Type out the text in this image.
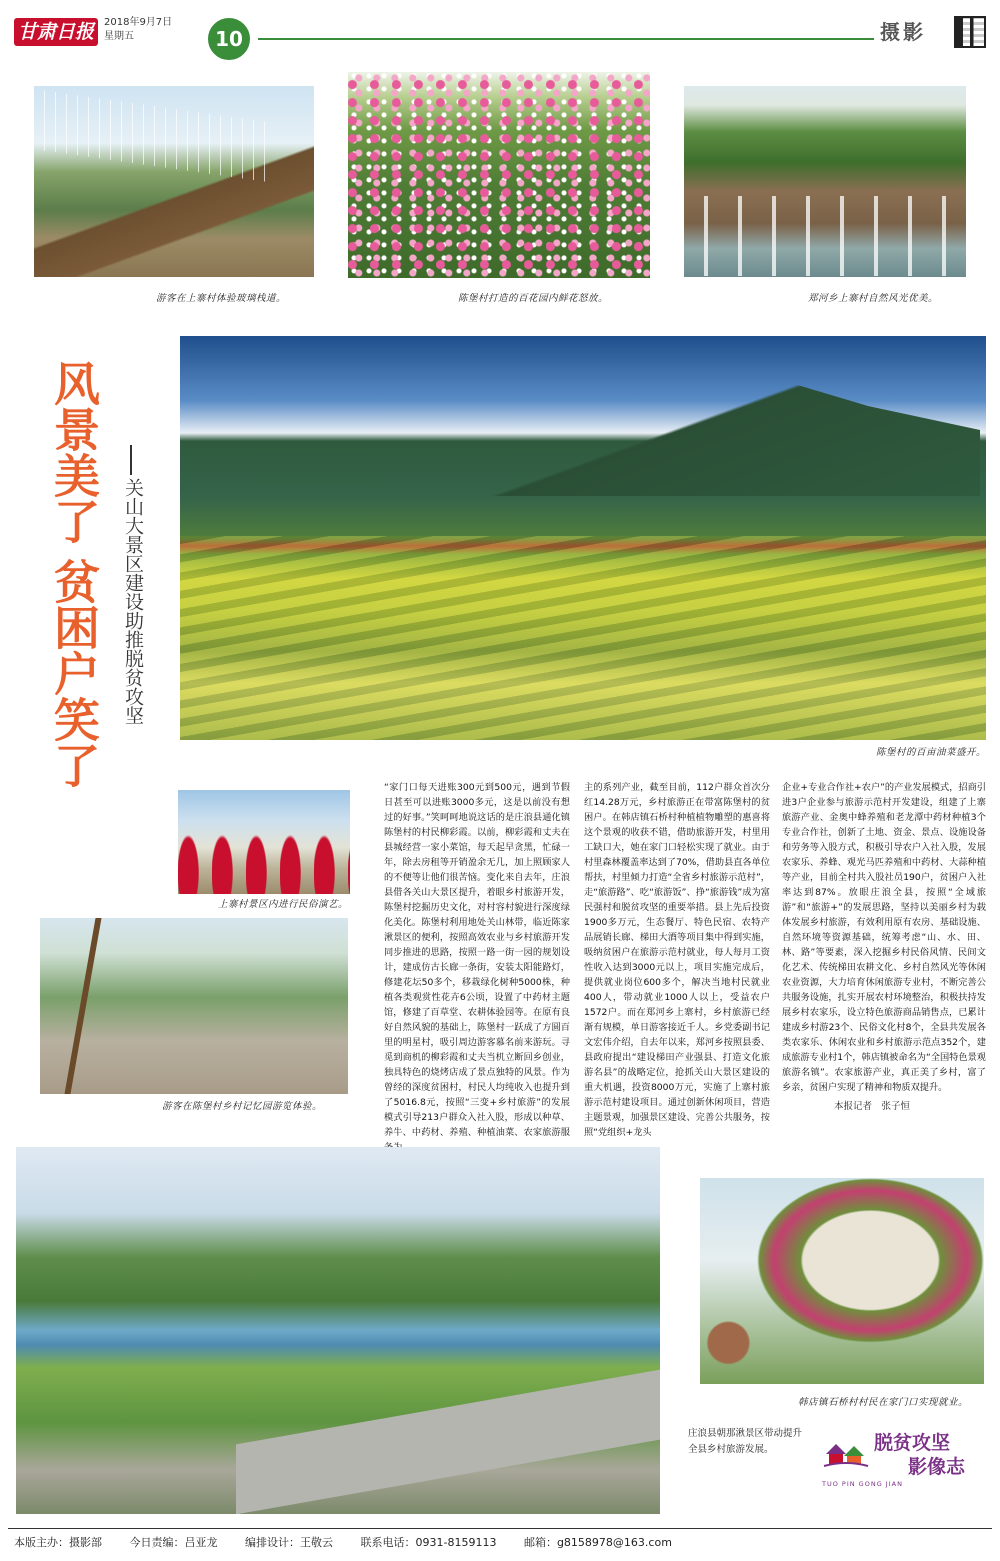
甘肃日报	2018年9月7日
星期五	10	摄影
游客在上寨村体验玻璃栈道。	陈堡村打造的百花园内鲜花怒放。	郑河乡上寨村自然风光优美。
风景美了
贫困户笑了 关山大景区建设助推脱贫攻坚
陈堡村的百亩油菜盛开。
上寨村景区内进行民俗演艺。
游客在陈堡村乡村记忆园游览体验。
“家门口每天进账300元到500元，遇到节假日甚至可以进账3000多元，这是以前没有想过的好事。”笑呵呵地说这话的是庄浪县通化镇陈堡村的村民柳彩霞。以前，柳彩霞和丈夫在县城经营一家小菜馆，每天起早贪黑，忙碌一年，除去房租等开销盈余无几，加上照顾家人的不便等让他们很苦恼。变化来自去年，庄浪县借各关山大景区提升，着眼乡村旅游开发，陈堡村挖掘历史文化，对村容村貌进行深度绿化美化。陈堡村利用地处关山林带，临近陈家湫景区的便利，按照高效农业与乡村旅游开发同步推进的思路，按照一路一街一园的规划设计，建成仿古长廊一条街，安装太阳能路灯，修建花坛50多个，移栽绿化树种5000株，种植各类观赏性花卉6公顷，设置了中药材主题馆，修建了百草堂、农耕体验园等。在原有良好自然风貌的基础上，陈堡村一跃成了方圆百里的明星村，吸引周边游客慕名前来游玩。寻觅到商机的柳彩霞和丈夫当机立断回乡创业，独具特色的烧烤店成了景点独特的风景。作为曾经的深度贫困村，村民人均纯收入也提升到了5016.8元，按照“三变+乡村旅游”的发展模式引导213户群众入社入股，形成以种草、养牛、中药材、养殖、种植油菜、农家旅游服
主的系列产业，截至目前，112户群众首次分红14.28万元，乡村旅游正在带富陈堡村的贫困户。在韩店镇石桥村种植植物雕塑的惠喜将这个景观的收获不错，借助旅游开发，村里用工缺口大，她在家门口轻松实现了就业。由于村里森林覆盖率达到了70%，借助县直各单位帮扶，村里倾力打造“全省乡村旅游示范村”，走“旅游路”、吃“旅游饭”、挣“旅游钱”成为富民强村和脱贫攻坚的重要举措。县上先后投资1900多万元，生态餐厅、特色民宿、农特产品展销长廊、梯田大酒等项目集中得到实施，吸纳贫困户在旅游示范村就业，每人每月工资性收入达到3000元以上，项目实施完成后，提供就业岗位600多个，解决当地村民就业400人，带动就业1000人以上，受益农户1572户。而在郑河乡上寨村，乡村旅游已经渐有规模，单日游客接近千人。乡党委副书记文宏伟介绍，自去年以来，郑河乡按照县委、县政府提出“建设梯田产业强县、打造文化旅游名县”的战略定位，抢抓关山大景区建设的重大机遇，投资8000万元，实施了上寨村旅游示范村建设项目。通过创新休闲项目，营造主题景观，加强景区建设、完善公共服务，按照“党组织+龙头
企业+专业合作社+农户”的产业发展模式，招商引进3户企业参与旅游示范村开发建设，组建了上寨旅游产业、金奥中蜂养殖和老龙潭中药材种植3个专业合作社，创新了土地、资金、景点、设施设备和劳务等入股方式，积极引导农户入社入股，发展农家乐、养蜂、观光马匹养殖和中药材、大蒜种植等产业，目前全村共入股社员190户，贫困户入社率达到87%。放眼庄浪全县，按照“全域旅游”和“旅游+”的发展思路，坚持以美丽乡村为载体发展乡村旅游，有效利用原有农房、基础设施、自然环境等资源基础，统筹考虑“山、水、田、林、路”等要素，深入挖掘乡村民俗风情、民间文化艺术、传统梯田农耕文化、乡村自然风光等休闲农业资源，大力培育休闲旅游专业村，不断完善公共服务设施，扎实开展农村环境整治，积极扶持发展乡村农家乐，设立特色旅游商品销售点，已累计建成乡村游23个、民俗文化村8个，全县共发展各类农家乐、休闲农业和乡村旅游示范点352个，建成旅游专业村1个，韩店镇被命名为“全国特色景观旅游名镇”。农家旅游产业，真正美了乡村，富了乡亲，贫困户实现了精神和物质双提升。
本报记者　张子恒
韩店镇石桥村村民在家门口实现就业。
庄浪县朝那湫景区带动提升全县乡村旅游发展。	脱贫攻坚
影像志
TUO PIN GONG JIAN
本版主办：摄影部	今日责编：吕亚龙	编排设计：王敬云	联系电话：0931-8159113	邮箱：g8158978@163.com
